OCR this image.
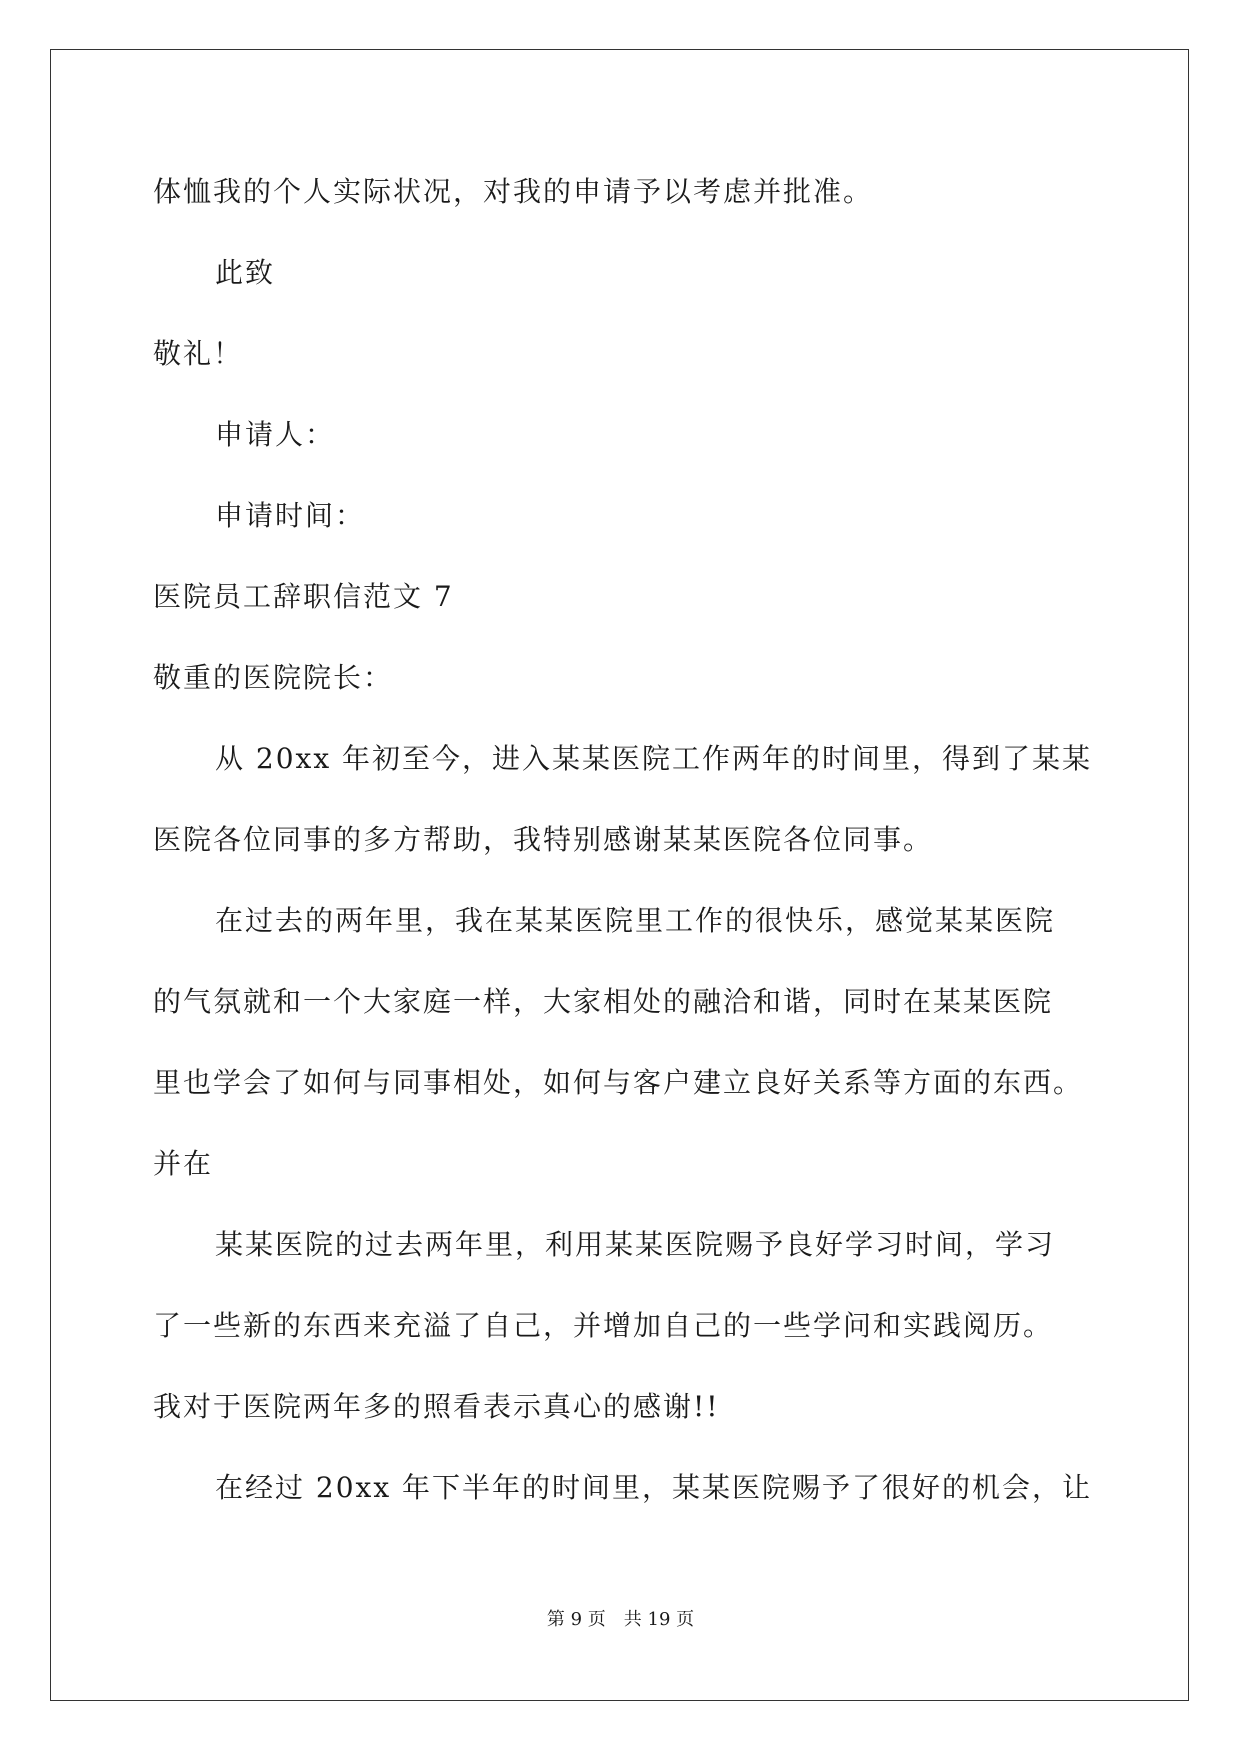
体恤我的个人实际状况，对我的申请予以考虑并批准。
此致
敬礼！
申请人：
申请时间：
医院员工辞职信范文 7
敬重的医院院长：
从 20xx 年初至今，进入某某医院工作两年的时间里，得到了某某
医院各位同事的多方帮助，我特别感谢某某医院各位同事。
在过去的两年里，我在某某医院里工作的很快乐，感觉某某医院
的气氛就和一个大家庭一样，大家相处的融洽和谐，同时在某某医院
里也学会了如何与同事相处，如何与客户建立良好关系等方面的东西。
并在
某某医院的过去两年里，利用某某医院赐予良好学习时间，学习
了一些新的东西来充溢了自己，并增加自己的一些学问和实践阅历。
我对于医院两年多的照看表示真心的感谢!!
在经过 20xx 年下半年的时间里，某某医院赐予了很好的机会，让
第 9 页　共 19 页
